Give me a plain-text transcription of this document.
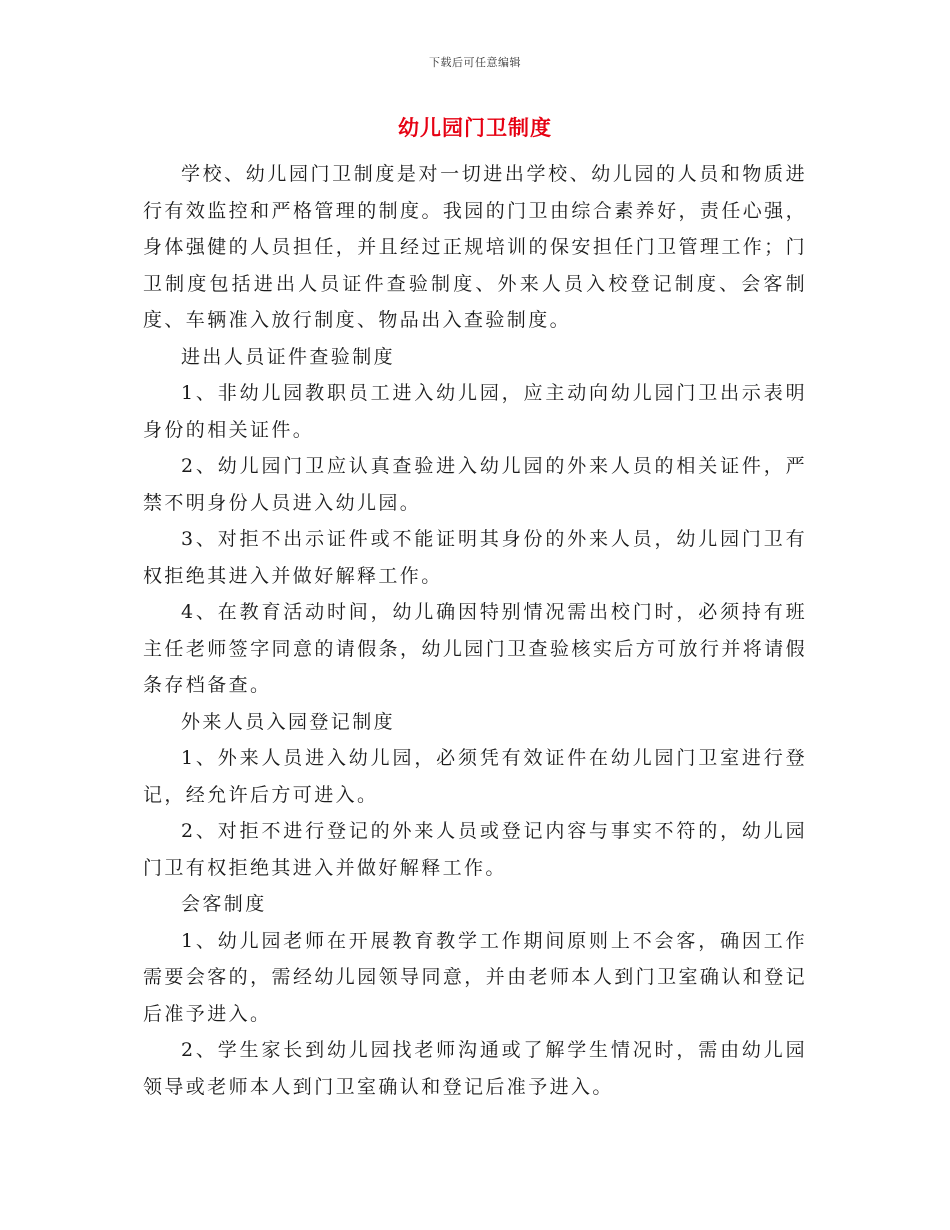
下载后可任意编辑
幼儿园门卫制度

学校、幼儿园门卫制度是对一切进出学校、幼儿园的人员和物质进行有效监控和严格管理的制度。我园的门卫由综合素养好，责任心强，身体强健的人员担任，并且经过正规培训的保安担任门卫管理工作；门卫制度包括进出人员证件查验制度、外来人员入校登记制度、会客制度、车辆准入放行制度、物品出入查验制度。

进出人员证件查验制度

1、非幼儿园教职员工进入幼儿园，应主动向幼儿园门卫出示表明身份的相关证件。

2、幼儿园门卫应认真查验进入幼儿园的外来人员的相关证件，严禁不明身份人员进入幼儿园。

3、对拒不出示证件或不能证明其身份的外来人员，幼儿园门卫有权拒绝其进入并做好解释工作。

4、在教育活动时间，幼儿确因特别情况需出校门时，必须持有班主任老师签字同意的请假条，幼儿园门卫查验核实后方可放行并将请假条存档备查。

外来人员入园登记制度

1、外来人员进入幼儿园，必须凭有效证件在幼儿园门卫室进行登记，经允许后方可进入。

2、对拒不进行登记的外来人员或登记内容与事实不符的，幼儿园门卫有权拒绝其进入并做好解释工作。

会客制度

1、幼儿园老师在开展教育教学工作期间原则上不会客，确因工作需要会客的，需经幼儿园领导同意，并由老师本人到门卫室确认和登记后准予进入。

2、学生家长到幼儿园找老师沟通或了解学生情况时，需由幼儿园领导或老师本人到门卫室确认和登记后准予进入。
